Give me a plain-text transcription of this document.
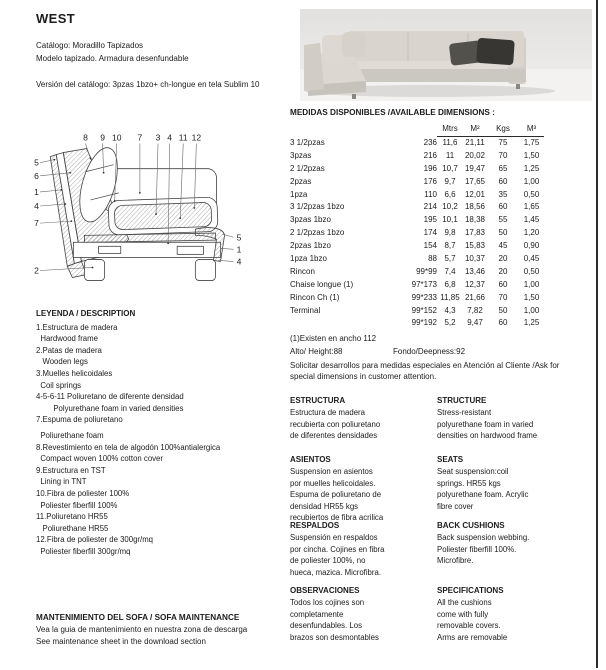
WEST
Catálogo: Moradillo Tapizados
Modelo tapizado. Armadura desenfundable
Versión del catálogo: 3pzas 1bzo+ ch-longue en tela Sublim 10
8 9 10 7 3 4 11 12
5
6
1
4
7
2
5
1
4
MEDIDAS DISPONIBLES /AVAILABLE DIMENSIONS :
Mtrs	M²	Kgs	M³
3 1/2pzas	236 11,6 21,11	75	1,75
3pzas	216	11	20,02	70	1,50
2 1/2pzas	196 10,7 19,47	65	1,25
2pzas	176 9,7	17,65	60	1,00
1pza	110 6,6	12,01	35	0,50
3 1/2pzas 1bzo	214 10,2 18,56	60	1,65
3pzas 1bzo	195 10,1 18,38	55	1,45
2 1/2pzas 1bzo	174 9,8	17,83	50	1,20
2pzas 1bzo	154 8,7	15,83	45	0,90
1pza 1bzo	88 5,7	10,37	20	0,45
Rincon	99*99 7,4	13,46	20	0,50
Chaise longue (1)	97*173 6,8	12,37	60	1,00
Rincon Ch (1)	99*233 11,85 21,66	70	1,50
Terminal	99*152 4,3	7,82	50	1,00
99*192 5,2	9,47	60	1,25
(1)Existen en ancho 112
Alto/ Height:88	Fondo/Deepness:92
Solicitar desarrollos para medidas especiales en Atención al Cliente /Ask for special dimensions in customer attention.
LEYENDA / DESCRIPTION
1.Estructura de madera
Hardwood frame
2.Patas de madera
Wooden legs
3.Muelles helicoidales
Coil springs
4-5-6-11 Poliuretano de diferente densidad
Polyurethane foam in varied densities
7.Espuma de poliuretano
Poliurethane foam
8.Revestimiento en tela de algodón 100%antialergica
Compact woven 100% cotton cover
9.Estructura en TST
Lining in TNT
10.Fibra de poliester 100%
Poliester fiberfill 100%
11.Poliuretano HR55
Poliurethane HR55
12.Fibra de poliester de 300gr/mq
Poliester fiberfill 300gr/mq
ESTRUCTURA
Estructura de madera
recubierta con poliuretano
de diferentes densidades
STRUCTURE
Stress-resistant
polyurethane foam in varied
densities on hardwood frame
ASIENTOS
Suspension en asientos
por muelles helicoidales.
Espuma de poliuretano de
densidad HR55 kgs
recubiertos de fibra acrilica
SEATS
Seat suspension:coil
springs. HR55 kgs
polyurethane foam. Acrylic
fibre cover
RESPALDOS
Suspensión en respaldos
por cincha. Cojines en fibra
de poliester 100%, no
hueca, mazica. Microfibra.
BACK CUSHIONS
Back suspension webbing.
Poliester fiberfill 100%.
Microfibre.
OBSERVACIONES
Todos los cojines son
completamente
desenfundables. Los
brazos son desmontables
SPECIFICATIONS
All the cushions
come with fully
removable covers.
Arms are removable
MANTENIMIENTO DEL SOFA / SOFA MAINTENANCE
Vea la guia de mantenimiento en nuestra zona de descarga
See maintenance sheet in the download section
